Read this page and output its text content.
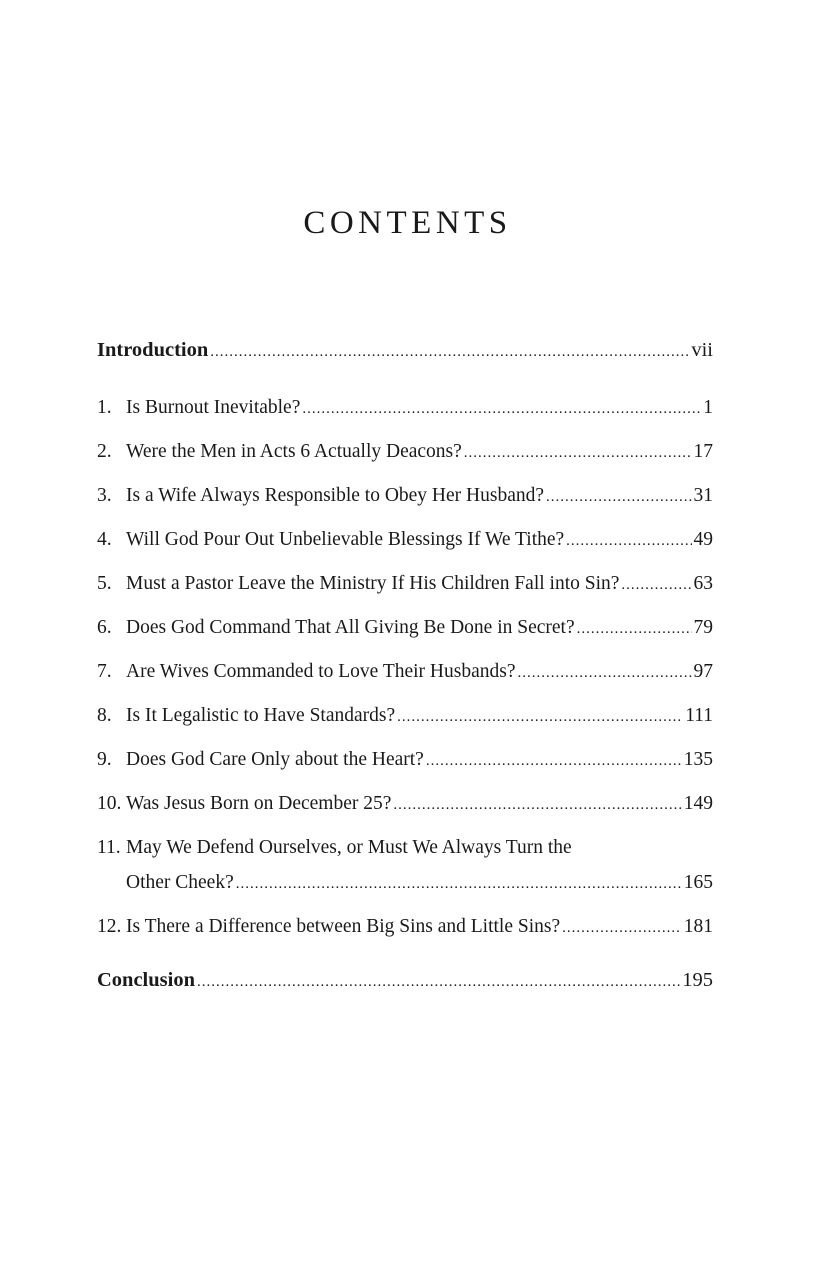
CONTENTS
Introduction .....	vii
1. Is Burnout Inevitable? .....	1
2. Were the Men in Acts 6 Actually Deacons? .....	17
3. Is a Wife Always Responsible to Obey Her Husband? .....	31
4. Will God Pour Out Unbelievable Blessings If We Tithe? .....	49
5. Must a Pastor Leave the Ministry If His Children Fall into Sin? .....	63
6. Does God Command That All Giving Be Done in Secret? .....	79
7. Are Wives Commanded to Love Their Husbands? .....	97
8. Is It Legalistic to Have Standards? .....	111
9. Does God Care Only about the Heart? .....	135
10. Was Jesus Born on December 25? .....	149
11. May We Defend Ourselves, or Must We Always Turn the
Other Cheek? .....	165
12. Is There a Difference between Big Sins and Little Sins? .....	181
Conclusion .....	195
